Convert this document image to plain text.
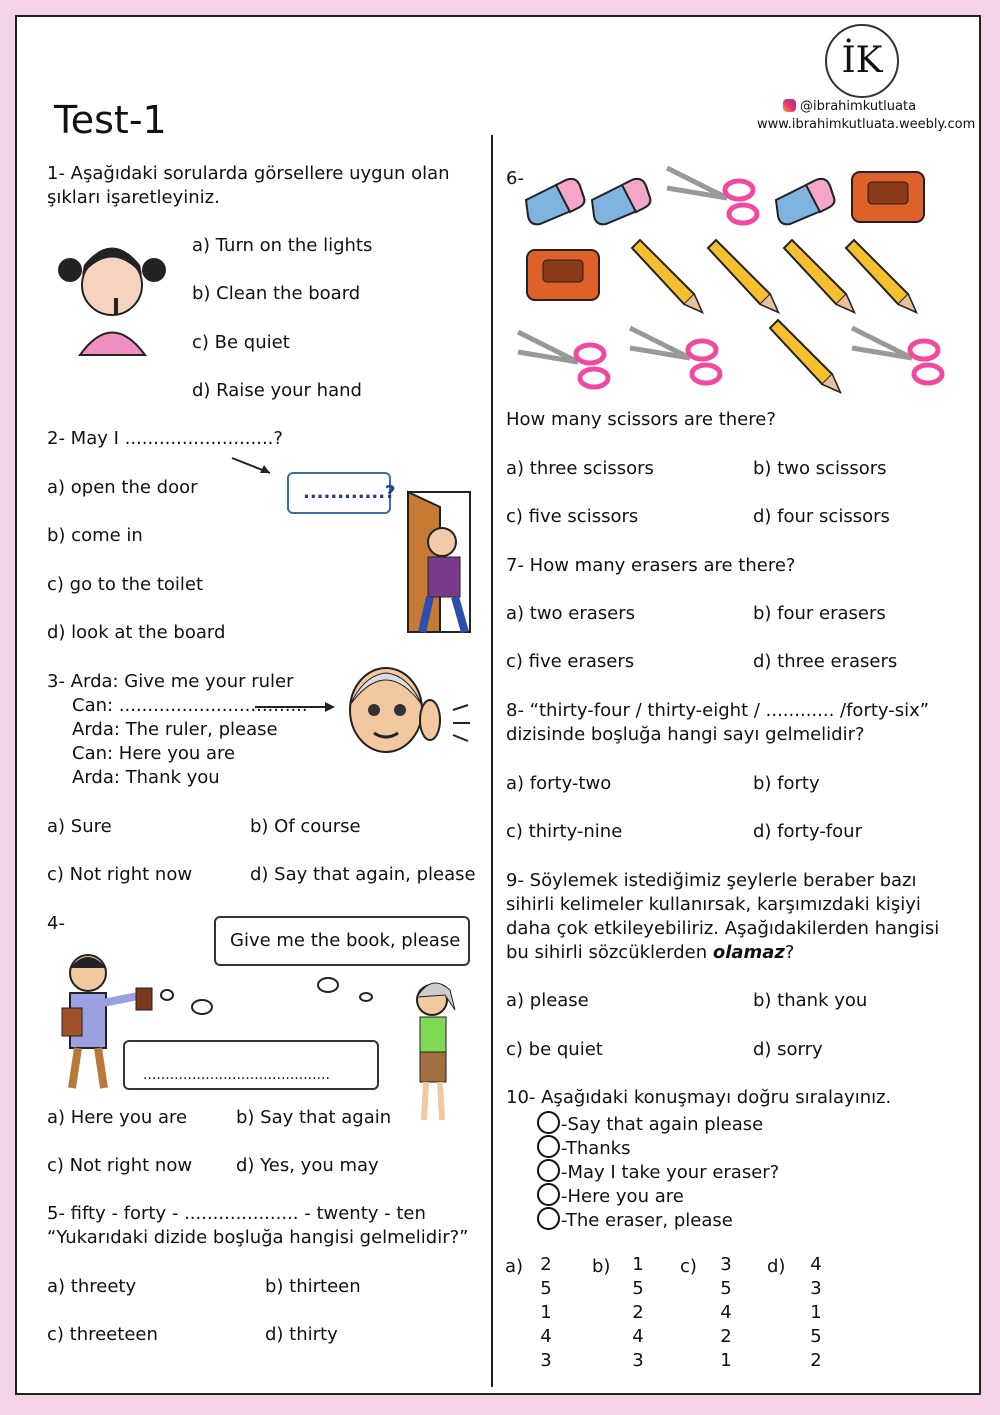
Test-1
İK
@ibrahimkutluata
www.ibrahimkutluata.weebly.com
1- Aşağıdaki sorularda görsellere uygun olan
şıkları işaretleyiniz.
a) Turn on the lights
b) Clean the board
c) Be quiet
d) Raise your hand
2- May I ..........................?
............?
a) open the door
b) come in
c) go to the toilet
d) look at the board
3- Arda: Give me your ruler
Can: .................................
Arda: The ruler, please
Can: Here you are
Arda: Thank you
a) Sure	b) Of course
c) Not right now	d) Say that again, please
4-
Give me the book, please
..........................................
a) Here you are	b) Say that again
c) Not right now d) Yes, you may
5- fifty - forty - .................... - twenty - ten
“Yukarıdaki dizide boşluğa hangisi gelmelidir?”
a) threety	b) thirteen
c) threeteen	d) thirty
6-
How many scissors are there?
a) three scissors	b) two scissors
c) five scissors	d) four scissors
7- How many erasers are there?
a) two erasers	b) four erasers
c) five erasers	d) three erasers
8- “thirty-four / thirty-eight / ............ /forty-six”
dizisinde boşluğa hangi sayı gelmelidir?
a) forty-two	b) forty
c) thirty-nine	d) forty-four
9- Söylemek istediğimiz şeylerle beraber bazı
sihirli kelimeler kullanırsak, karşımızdaki kişiyi
daha çok etkileyebiliriz. Aşağıdakilerden hangisi
bu sihirli sözcüklerden olamaz?
a) please	b) thank you
c) be quiet	d) sorry
10- Aşağıdaki konuşmayı doğru sıralayınız.
-Say that again please
-Thanks
-May I take your eraser?
-Here you are
-The eraser, please
a) 2
5
1
4
3
b) 1
5
2
4
3
c) 3
5
4
2
1
d) 4
3
1
5
2
